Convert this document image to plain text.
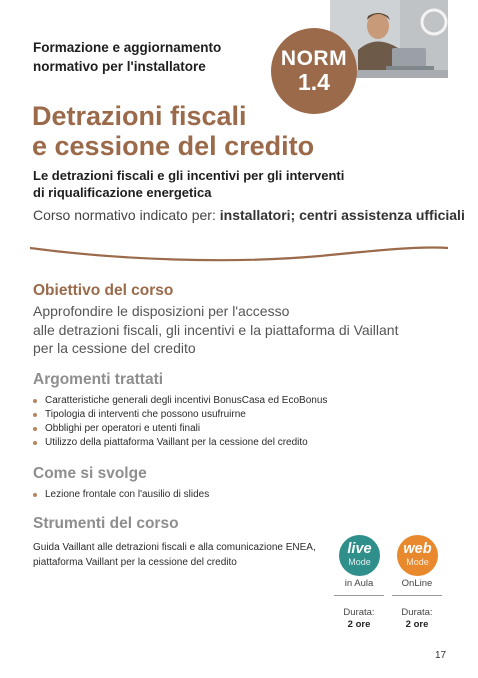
Formazione e aggiornamento
normativo per l'installatore	NORM
1.4
Detrazioni fiscali
e cessione del credito
Le detrazioni fiscali e gli incentivi per gli interventi
di riqualificazione energetica
Corso normativo indicato per: installatori; centri assistenza ufficiali
Obiettivo del corso
Approfondire le disposizioni per l'accesso
alle detrazioni fiscali, gli incentivi e la piattaforma di Vaillant
per la cessione del credito
Argomenti trattati
Caratteristiche generali degli incentivi BonusCasa ed EcoBonus
Tipologia di interventi che possono usufruirne
Obblighi per operatori e utenti finali
Utilizzo della piattaforma Vaillant per la cessione del credito
Come si svolge
Lezione frontale con l'ausilio di slides
Strumenti del corso
Guida Vaillant alle detrazioni fiscali e alla comunicazione ENEA,
piattaforma Vaillant per la cessione del credito
live
Mode
web
Mode
in Aula	OnLine
Durata:
2 ore
Durata:
2 ore
17
